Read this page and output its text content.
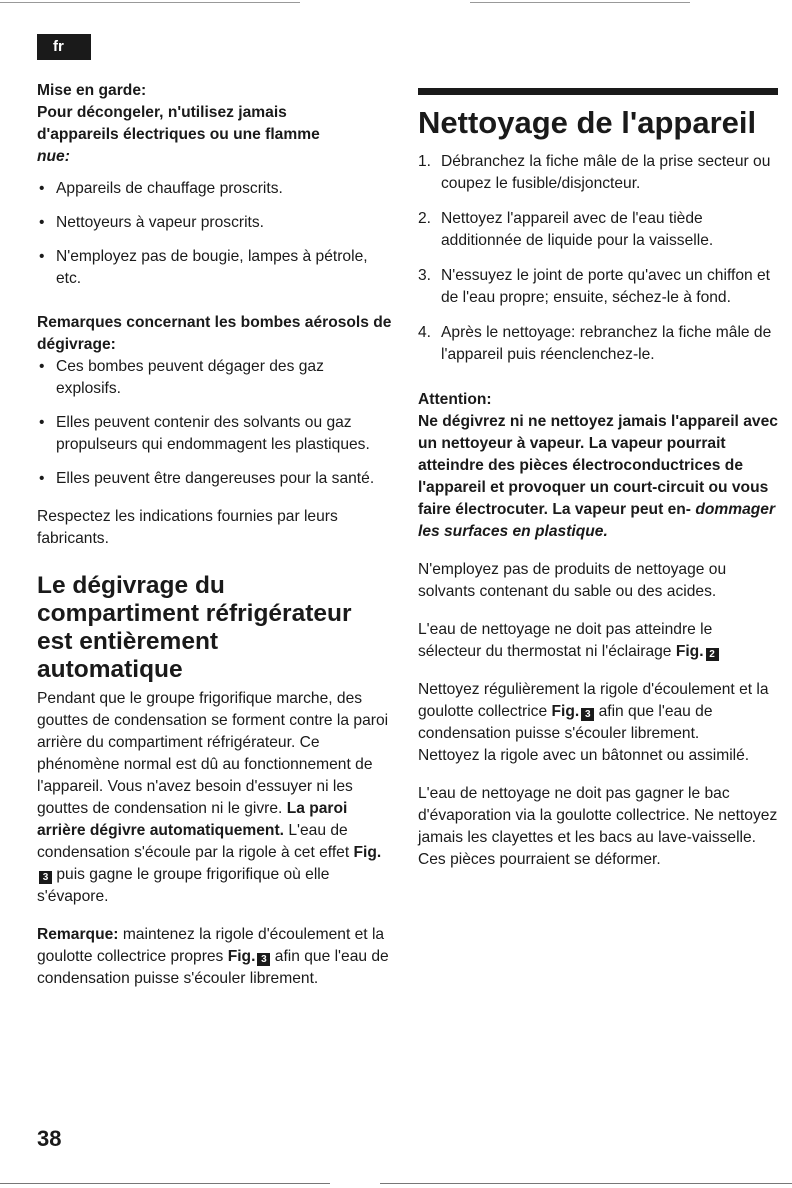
fr

Mise en garde:

Pour décongeler, n'utilisez jamais

d'appareils électriques ou une flamme

nue:

• Appareils de chauffage proscrits.
• Nettoyeurs à vapeur proscrits.
• N'employez pas de bougie, lampes à pétrole, etc.

Remarques concernant les bombes aérosols de dégivrage:

• Ces bombes peuvent dégager des gaz explosifs.
• Elles peuvent contenir des solvants ou gaz propulseurs qui endommagent les plastiques.
• Elles peuvent être dangereuses pour la santé.

Respectez les indications fournies par leurs fabricants.

Le dégivrage du

compartiment réfrigérateur

est entièrement

automatique

Pendant que le groupe frigorifique marche, des gouttes de condensation se forment contre la paroi arrière du compartiment réfrigérateur. Ce phénomène normal est dû au fonctionnement de l'appareil. Vous n'avez besoin d'essuyer ni les gouttes de condensation ni le givre. La paroi arrière dégivre automatiquement. L'eau de condensation s'écoule par la rigole à cet effet Fig.3 puis gagne le groupe frigorifique où elle s'évapore.

Remarque: maintenez la rigole d'écoulement et la goulotte collectrice propres Fig. 3 afin que l'eau de condensation puisse s'écouler librement.

Nettoyage de l'appareil

1. Débranchez la fiche mâle de la prise secteur ou coupez le fusible/disjoncteur.
2. Nettoyez l'appareil avec de l'eau tiède additionnée de liquide pour la vaisselle.
3. N'essuyez le joint de porte qu'avec un chiffon et de l'eau propre; ensuite, séchez-le à fond.
4. Après le nettoyage: rebranchez la fiche mâle de l'appareil puis réenclenchez-le.

Attention:

Ne dégivrez ni ne nettoyez jamais l'appareil avec un nettoyeur à vapeur. La vapeur pourrait atteindre des pièces électroconductrices de l'appareil et provoquer un court-circuit ou vous faire électrocuter. La vapeur peut en- dommager les surfaces en plastique.

N'employez pas de produits de nettoyage ou solvants contenant du sable ou des acides.

L'eau de nettoyage ne doit pas atteindre le sélecteur du thermostat ni l'éclairage Fig. 2

Nettoyez régulièrement la rigole d'écoulement et la goulotte collectrice Fig. 3 afin que l'eau de condensation puisse s'écouler librement.

Nettoyez la rigole avec un bâtonnet ou assimilé.

L'eau de nettoyage ne doit pas gagner le bac d'évaporation via la goulotte collectrice. Ne nettoyez jamais les clayettes et les bacs au lave-vaisselle. Ces pièces pourraient se déformer.

38
